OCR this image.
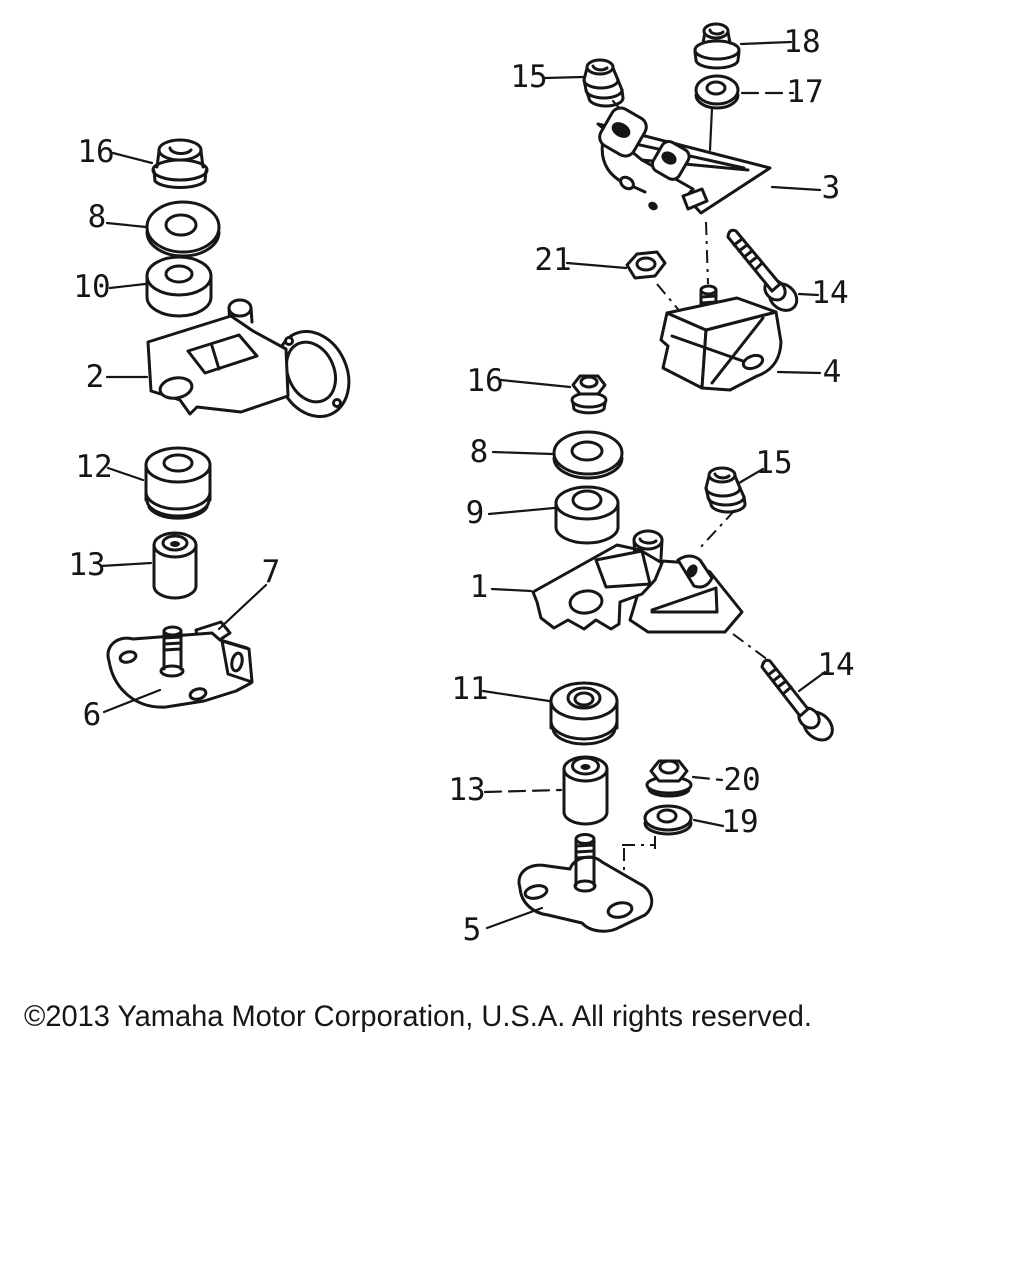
16
8
10
2
12
13	7
6
15
18
17
3
21
14
4
16
8
9
15
1
14
11
13	20
19
5
©2013 Yamaha Motor Corporation, U.S.A. All rights reserved.
